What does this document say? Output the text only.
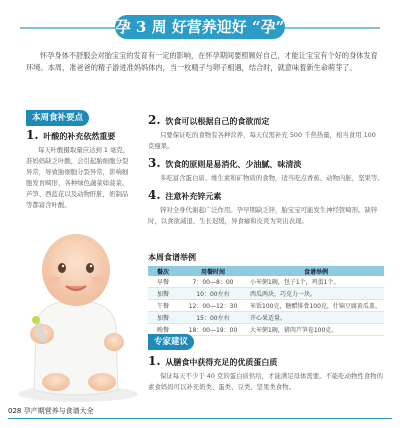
孕 3 周 好营养迎好 “孕”
怀孕身体不舒服会对胎宝宝的发育有一定的影响，在怀孕期间要照顾好自己，才能让宝宝有个好的身体发育环境。本周，准爸爸的精子游进准妈妈体内，当一枚精子与卵子相遇，结合时，就意味着新生命萌芽了。
本周食补要点
1. 叶酸的补充依然重要
每天叶酸摄取量应达到 1 毫克，准妈妈缺乏叶酸，会引起胎细胞分裂异常，导致胎细胞分裂异常，影响细胞发育畸形，各种绿色蔬菜如菠菜、芦笋、西蓝花以及动物肝脏，奶制品等都富含叶酸。
2. 饮食可以根据自己的食欲而定
只要保证吃的食物有各种营养，每天仅需补充 500 千焦热量，相当食用 100 克瘦果。
3. 饮食的原则是易消化、少油腻、味清淡
多吃富含蛋白质、维生素和矿物质的食物，适当吃点香蕉、动物内脏，坚果等。
4. 注意补充锌元素
锌对全身代谢起广泛作用。孕早期缺乏锌，胎宝宝可能发生神经管畸形。缺锌时，以食欲减退、生长迟缓，异食癖和皮炎为突出表现。
本周食谱举例
餐次	用餐时间	食谱举例
早餐	7：00—8：00	小米粥1碗，包子1个，鸡蛋1个。
加餐	10：00左右	西瓜两块，巧克力一块。
午餐	12：00—12：30	米饭100克，糖醋排骨100克，什锦豆腐黄瓜盖。
加餐	15：00左右	开心果适量。
晚餐	18：00—19：00	大米粥1碗，猪肉芦笋卷100克。
专家建议
1. 从膳食中获得充足的优质蛋白质
保证每天不少于 40 克的蛋白质供给，才能满足母体需要。不能吃动物性食物的素食妈妈可以补充奶类、蛋类、豆类、坚果类食物。
028 孕产期营养与食谱大全
